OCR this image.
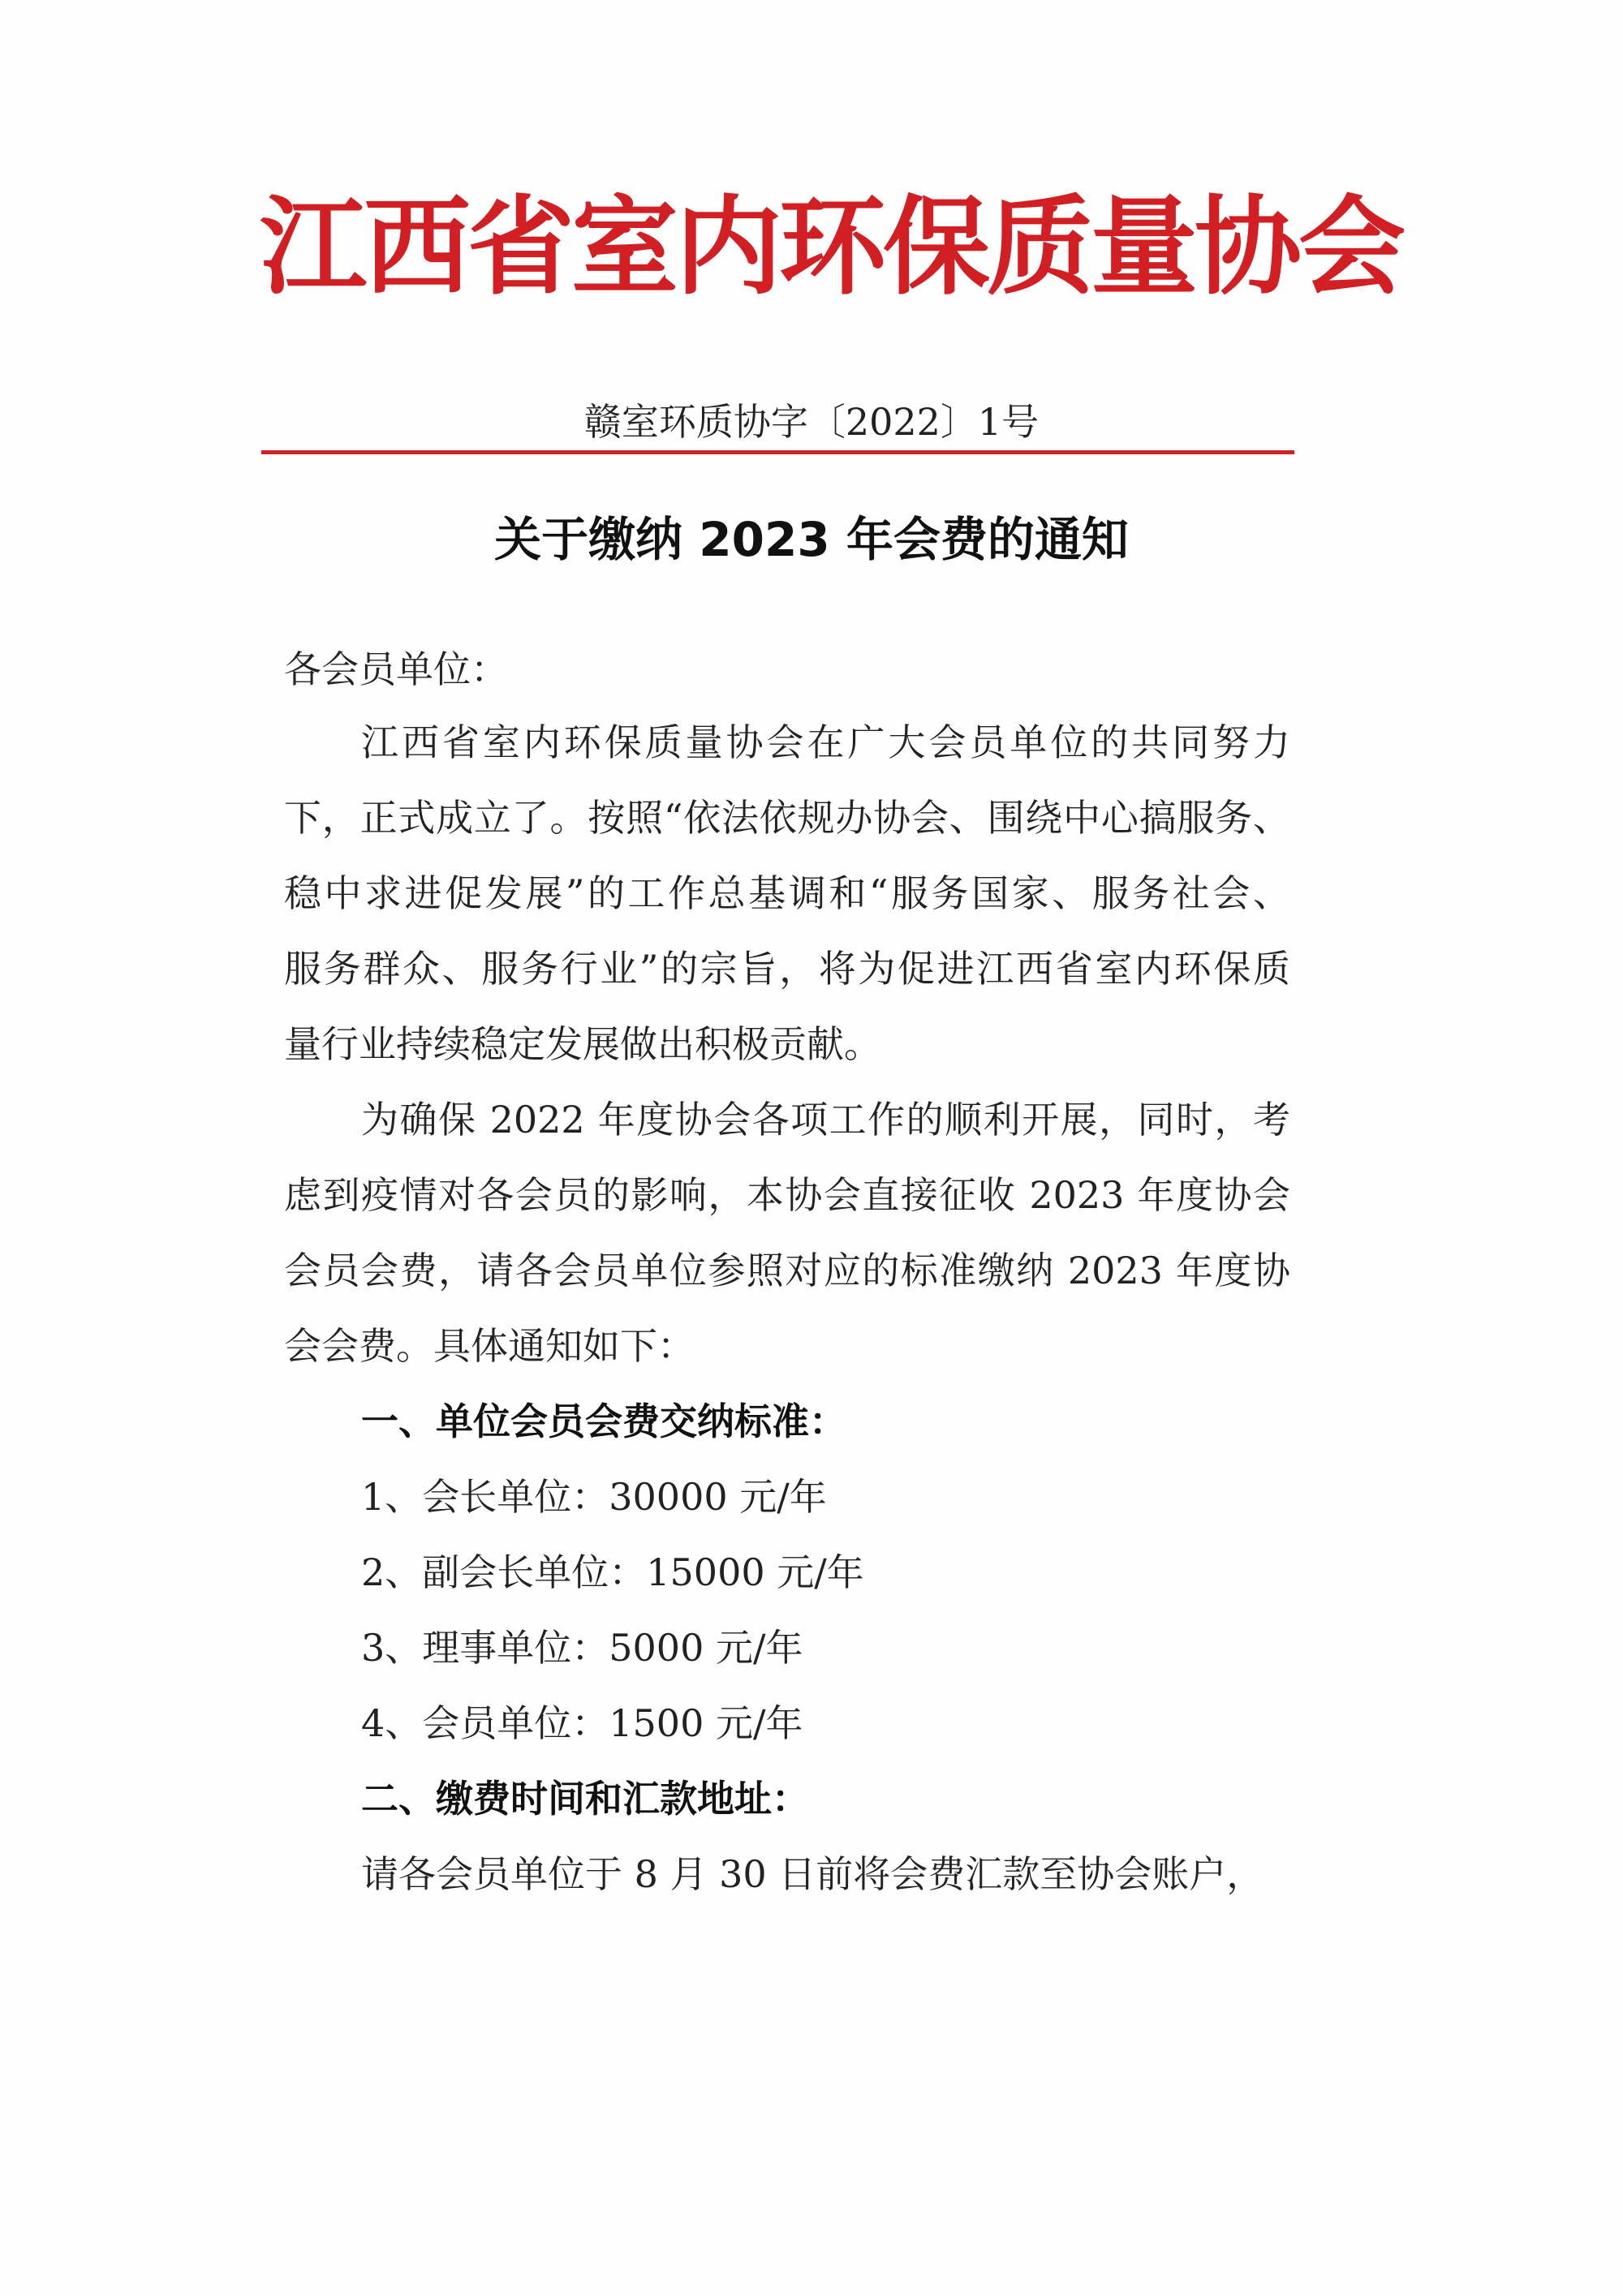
江西省室内环保质量协会
赣室环质协字〔2022〕1号
关于缴纳 2023 年会费的通知
各会员单位：
江西省室内环保质量协会在广大会员单位的共同努力
下，正式成立了。按照“依法依规办协会、围绕中心搞服务、
稳中求进促发展”的工作总基调和“服务国家、服务社会、
服务群众、服务行业”的宗旨，将为促进江西省室内环保质
量行业持续稳定发展做出积极贡献。
为确保 2022 年度协会各项工作的顺利开展，同时，考
虑到疫情对各会员的影响，本协会直接征收 2023 年度协会
会员会费，请各会员单位参照对应的标准缴纳 2023 年度协
会会费。具体通知如下：
一、单位会员会费交纳标准：
1、会长单位：30000 元/年
2、副会长单位：15000 元/年
3、理事单位：5000 元/年
4、会员单位：1500 元/年
二、缴费时间和汇款地址：
请各会员单位于 8 月 30 日前将会费汇款至协会账户，
